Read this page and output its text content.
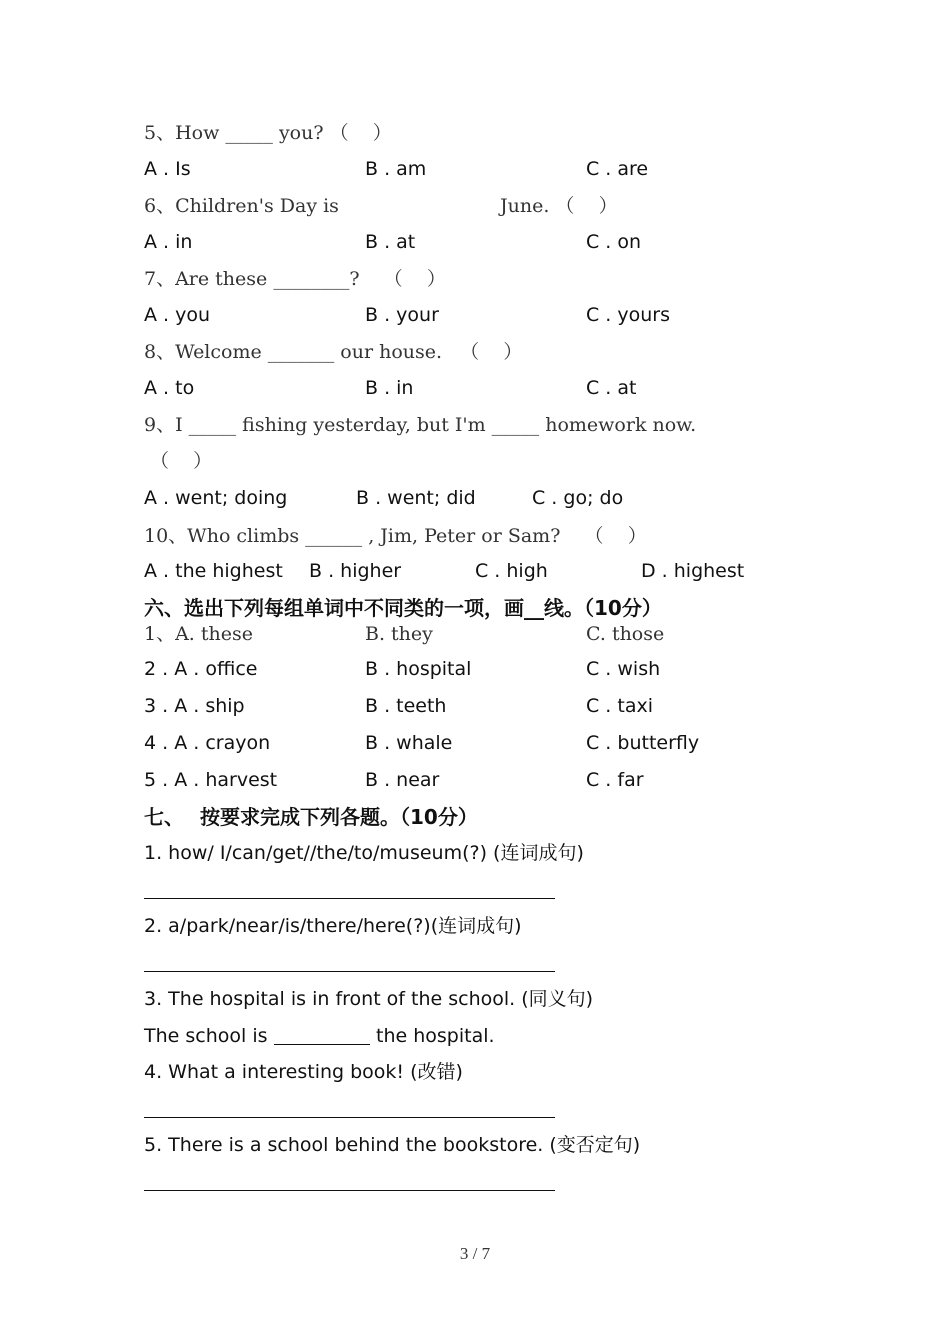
5、How _____ you? （    ）
A . Is	B . am	C . are
6、Children's Day is	June. （    ）
A . in	B . at	C . on
7、Are these ________?    （    ）
A . you	B . your	C . yours
8、Welcome _______ our house.   （    ）
A . to	B . in	C . at
9、I _____ fishing yesterday, but I'm _____ homework now.
（    ）
A . went; doing	B . went; did	C . go; do
10、Who climbs ______ , Jim, Peter or Sam?    （    ）
A . the highest B . higher	C . high	D . highest
六、选出下列每组单词中不同类的一项，画__线。（10分）
1、A. these	B. they	C. those
2 . A . office	B . hospital	C . wish
3 . A . ship	B . teeth	C . taxi
4 . A . crayon	B . whale	C . butterfly
5 . A . harvest	B . near	C . far
七、 按要求完成下列各题。（10分）
1. how/ I/can/get//the/to/museum(?) (连词成句)
2. a/park/near/is/there/here(?)(连词成句)
3. The hospital is in front of the school. (同义句)
The school is	the hospital.
4. What a interesting book! (改错)
5. There is a school behind the bookstore. (变否定句)
3 / 7
